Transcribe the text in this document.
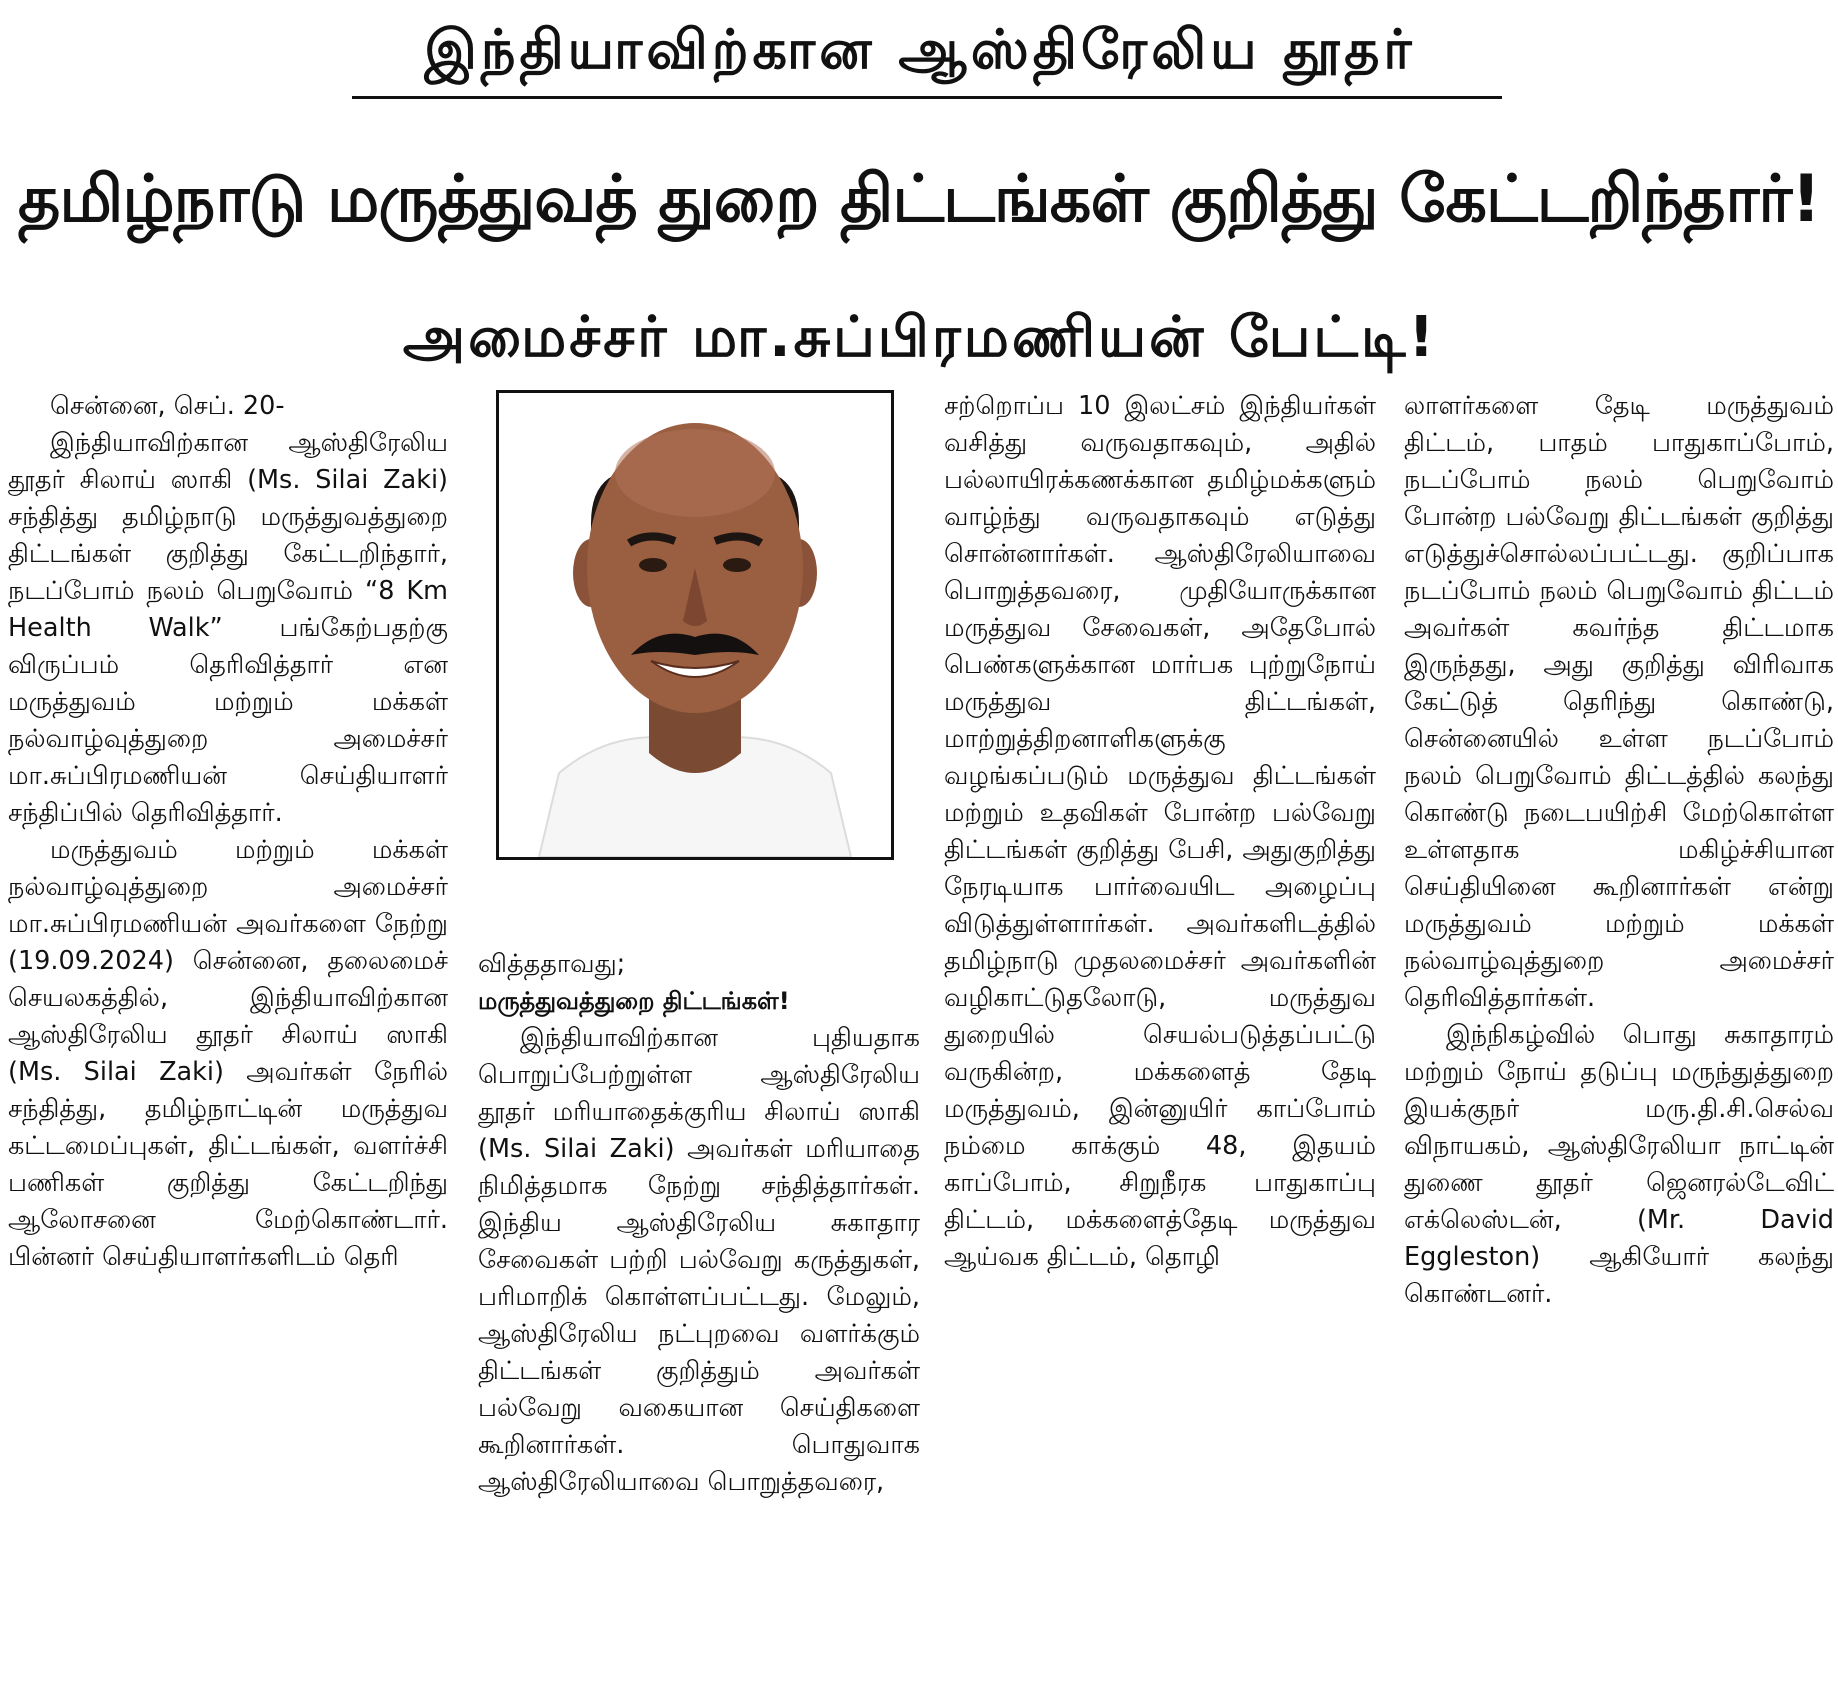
இந்தியாவிற்கான ஆஸ்திரேலிய தூதர்
தமிழ்நாடு மருத்துவத் துறை திட்டங்கள் குறித்து கேட்டறிந்தார்!
அமைச்சர் மா.சுப்பிரமணியன் பேட்டி!

சென்னை, செப். 20-

இந்தியாவிற்கான ஆஸ்திரேலிய தூதர் சிலாய் ஸாகி (Ms. Silai Zaki) சந்தித்து தமிழ்நாடு மருத்துவத்துறை திட்டங்கள் குறித்து கேட்டறிந்தார், நடப்போம் நலம் பெறுவோம் “8 Km Health Walk” பங்கேற்பதற்கு விருப்பம் தெரிவித்தார் என மருத்துவம் மற்றும் மக்கள் நல்வாழ்வுத்துறை அமைச்சர் மா.சுப்பிரமணியன் செய்தியாளர் சந்திப்பில் தெரிவித்தார்.

மருத்துவம் மற்றும் மக்கள் நல்வாழ்வுத்துறை அமைச்சர் மா.சுப்பிரமணியன் அவர்களை நேற்று (19.09.2024) சென்னை, தலைமைச் செயலகத்தில், இந்தியாவிற்கான ஆஸ்திரேலிய தூதர் சிலாய் ஸாகி (Ms. Silai Zaki) அவர்கள் நேரில் சந்தித்து, தமிழ்நாட்டின் மருத்துவ கட்டமைப்புகள், திட்டங்கள், வளர்ச்சி பணிகள் குறித்து கேட்டறிந்து ஆலோசனை மேற்கொண்டார். பின்னர் செய்தியாளர்களிடம் தெரி

வித்ததாவது;

மருத்துவத்துறை திட்டங்கள்!

இந்தியாவிற்கான புதியதாக பொறுப்பேற்றுள்ள ஆஸ்திரேலிய தூதர் மரியாதைக்குரிய சிலாய் ஸாகி (Ms. Silai Zaki) அவர்கள் மரியாதை நிமித்தமாக நேற்று சந்தித்தார்கள். இந்திய ஆஸ்திரேலிய சுகாதார சேவைகள் பற்றி பல்வேறு கருத்துகள், பரிமாறிக் கொள்ளப்பட்டது. மேலும், ஆஸ்திரேலிய நட்புறவை வளர்க்கும் திட்டங்கள் குறித்தும் அவர்கள் பல்வேறு வகையான செய்திகளை கூறினார்கள். பொதுவாக ஆஸ்திரேலியாவை பொறுத்தவரை,

சற்றொப்ப 10 இலட்சம் இந்தியர்கள் வசித்து வருவதாகவும், அதில் பல்லாயிரக்கணக்கான தமிழ்மக்களும் வாழ்ந்து வருவதாகவும் எடுத்து சொன்னார்கள். ஆஸ்திரேலியாவை பொறுத்தவரை, முதியோருக்கான மருத்துவ சேவைகள், அதேபோல் பெண்களுக்கான மார்பக புற்றுநோய் மருத்துவ திட்டங்கள், மாற்றுத்திறனாளிகளுக்கு வழங்கப்படும் மருத்துவ திட்டங்கள் மற்றும் உதவிகள் போன்ற பல்வேறு திட்டங்கள் குறித்து பேசி, அதுகுறித்து நேரடியாக பார்வையிட அழைப்பு விடுத்துள்ளார்கள். அவர்களிடத்தில் தமிழ்நாடு முதலமைச்சர் அவர்களின் வழிகாட்டுதலோடு, மருத்துவ துறையில் செயல்படுத்தப்பட்டு வருகின்ற, மக்களைத் தேடி மருத்துவம், இன்னுயிர் காப்போம் நம்மை காக்கும் 48, இதயம் காப்போம், சிறுநீரக பாதுகாப்பு திட்டம், மக்களைத்தேடி மருத்துவ ஆய்வக திட்டம், தொழி

லாளர்களை தேடி மருத்துவம் திட்டம், பாதம் பாதுகாப்போம், நடப்போம் நலம் பெறுவோம் போன்ற பல்வேறு திட்டங்கள் குறித்து எடுத்துச்சொல்லப்பட்டது. குறிப்பாக நடப்போம் நலம் பெறுவோம் திட்டம் அவர்கள் கவர்ந்த திட்டமாக இருந்தது, அது குறித்து விரிவாக கேட்டுத் தெரிந்து கொண்டு, சென்னையில் உள்ள நடப்போம் நலம் பெறுவோம் திட்டத்தில் கலந்து கொண்டு நடைபயிற்சி மேற்கொள்ள உள்ளதாக மகிழ்ச்சியான செய்தியினை கூறினார்கள் என்று மருத்துவம் மற்றும் மக்கள் நல்வாழ்வுத்துறை அமைச்சர் தெரிவித்தார்கள்.

இந்நிகழ்வில் பொது சுகாதாரம் மற்றும் நோய் தடுப்பு மருந்துத்துறை இயக்குநர் மரு.தி.சி.செல்வ விநாயகம், ஆஸ்திரேலியா நாட்டின் துணை தூதர் ஜெனரல்டேவிட் எக்லெஸ்டன், (Mr. David Eggleston) ஆகியோர் கலந்து கொண்டனர்.
